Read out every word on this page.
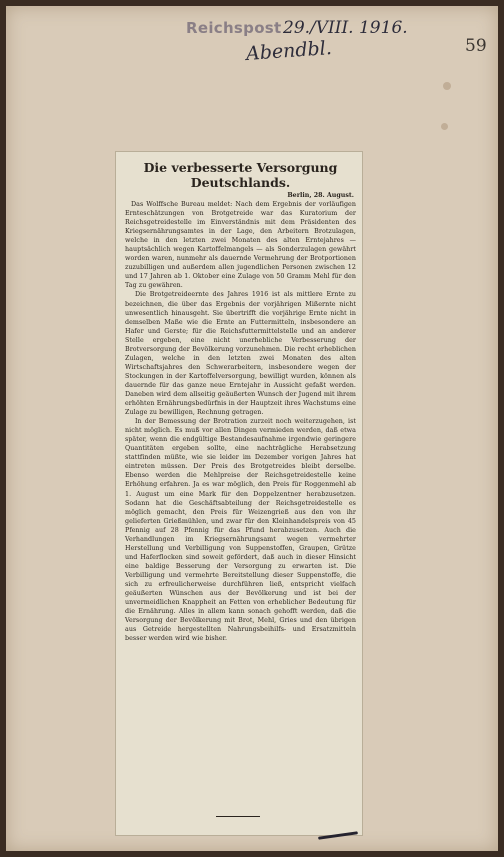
Reichspost 29./VIII. 1916.
Abendbl.	59
Die verbesserte Versorgung Deutschlands.
Berlin, 28. August.

Das Wolffsche Bureau meldet: Nach dem Ergebnis der vorläufigen Ernteschätzungen von Brotgetreide war das Kuratorium der Reichsgetreidestelle im Einverständnis mit dem Präsidenten des Kriegsernährungsamtes in der Lage, den Arbeitern Brotzulagen, welche in den letzten zwei Monaten des alten Erntejahres — hauptsächlich wegen Kartoffelmangels — als Sonderzulagen gewährt worden waren, nunmehr als dauernde Vermehrung der Brotportionen zuzubilligen und außerdem allen jugendlichen Personen zwischen 12 und 17 Jahren ab 1. Oktober eine Zulage von 50 Gramm Mehl für den Tag zu gewähren.

Die Brotgetreideernte des Jahres 1916 ist als mittlere Ernte zu bezeichnen, die über das Ergebnis der vorjährigen Mißernte nicht unwesentlich hinausgeht. Sie übertrifft die vorjährige Ernte nicht in demselben Maße wie die Ernte an Futtermitteln, insbesondere an Hafer und Gerste; für die Reichsfuttermittelstelle und an anderer Stelle ergeben, eine nicht unerhebliche Verbesserung der Brotversorgung der Bevölkerung vorzunehmen. Die recht erheblichen Zulagen, welche in den letzten zwei Monaten des alten Wirtschaftsjahres den Schwerarbeitern, insbesondere wegen der Stockungen in der Kartoffelversorgung, bewilligt wurden, können als dauernde für das ganze neue Erntejahr in Aussicht gefaßt werden. Daneben wird dem allseitig geäußerten Wunsch der Jugend mit ihrem erhöhten Ernährungsbedürfnis in der Hauptzeit ihres Wachstums eine Zulage zu bewilligen, Rechnung getragen.

In der Bemessung der Brotration zurzeit noch weiterzugehen, ist nicht möglich. Es muß vor allen Dingen vermieden werden, daß etwa später, wenn die endgültige Bestandesaufnahme irgendwie geringere Quantitäten ergeben sollte, eine nachträgliche Herabsetzung stattfinden müßte, wie sie leider im Dezember vorigen Jahres hat eintreten müssen. Der Preis des Brotgetreides bleibt derselbe. Ebenso werden die Mehlpreise der Reichsgetreidestelle keine Erhöhung erfahren. Ja es war möglich, den Preis für Roggenmehl ab 1. August um eine Mark für den Doppelzentner herabzusetzen. Sodann hat die Geschäftsabteilung der Reichsgetreidestelle es möglich gemacht, den Preis für Weizengrieß aus den von ihr gelieferten Grießmühlen, und zwar für den Kleinhandelspreis von 45 Pfennig auf 28 Pfennig für das Pfund herabzusetzen. Auch die Verhandlungen im Kriegsernährungsamt wegen vermehrter Herstellung und Verbilligung von Suppenstoffen, Graupen, Grütze und Haferflocken sind soweit gefördert, daß auch in dieser Hinsicht eine baldige Besserung der Versorgung zu erwarten ist. Die Verbilligung und vermehrte Bereitstellung dieser Suppenstoffe, die sich zu erfreulicherweise durchführen ließ, entspricht vielfach geäußerten Wünschen aus der Bevölkerung und ist bei der unvermeidlichen Knappheit an Fetten von erheblicher Bedeutung für die Ernährung. Alles in allem kann sonach gehofft werden, daß die Versorgung der Bevölkerung mit Brot, Mehl, Gries und den übrigen aus Getreide hergestellten Nahrungsbeihilfs- und Ersatzmitteln besser werden wird wie bisher.
